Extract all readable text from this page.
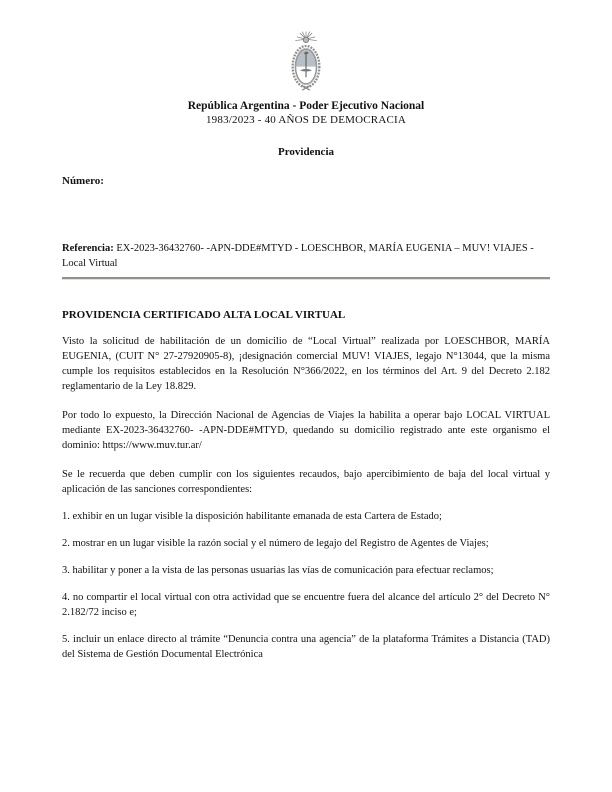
República Argentina - Poder Ejecutivo Nacional
1983/2023 - 40 AÑOS DE DEMOCRACIA
Providencia
Número:
Referencia: EX-2023-36432760- -APN-DDE#MTYD - LOESCHBOR, MARÍA EUGENIA – MUV! VIAJES - Local Virtual
PROVIDENCIA CERTIFICADO ALTA LOCAL VIRTUAL
Visto la solicitud de habilitación de un domicilio de “Local Virtual” realizada por LOESCHBOR, MARÍA EUGENIA, (CUIT N° 27-27920905-8), ¡designación comercial MUV! VIAJES, legajo N°13044, que la misma cumple los requisitos establecidos en la Resolución N°366/2022, en los términos del Art. 9 del Decreto 2.182 reglamentario de la Ley 18.829.
Por todo lo expuesto, la Dirección Nacional de Agencias de Viajes la habilita a operar bajo LOCAL VIRTUAL mediante EX-2023-36432760- -APN-DDE#MTYD, quedando su domicilio registrado ante este organismo el dominio: https://www.muv.tur.ar/
Se le recuerda que deben cumplir con los siguientes recaudos, bajo apercibimiento de baja del local virtual y aplicación de las sanciones correspondientes:
1. exhibir en un lugar visible la disposición habilitante emanada de esta Cartera de Estado;
2. mostrar en un lugar visible la razón social y el número de legajo del Registro de Agentes de Viajes;
3. habilitar y poner a la vista de las personas usuarias las vías de comunicación para efectuar reclamos;
4. no compartir el local virtual con otra actividad que se encuentre fuera del alcance del artículo 2° del Decreto N° 2.182/72 inciso e;
5. incluir un enlace directo al trámite “Denuncia contra una agencia” de la plataforma Trámites a Distancia (TAD) del Sistema de Gestión Documental Electrónica
